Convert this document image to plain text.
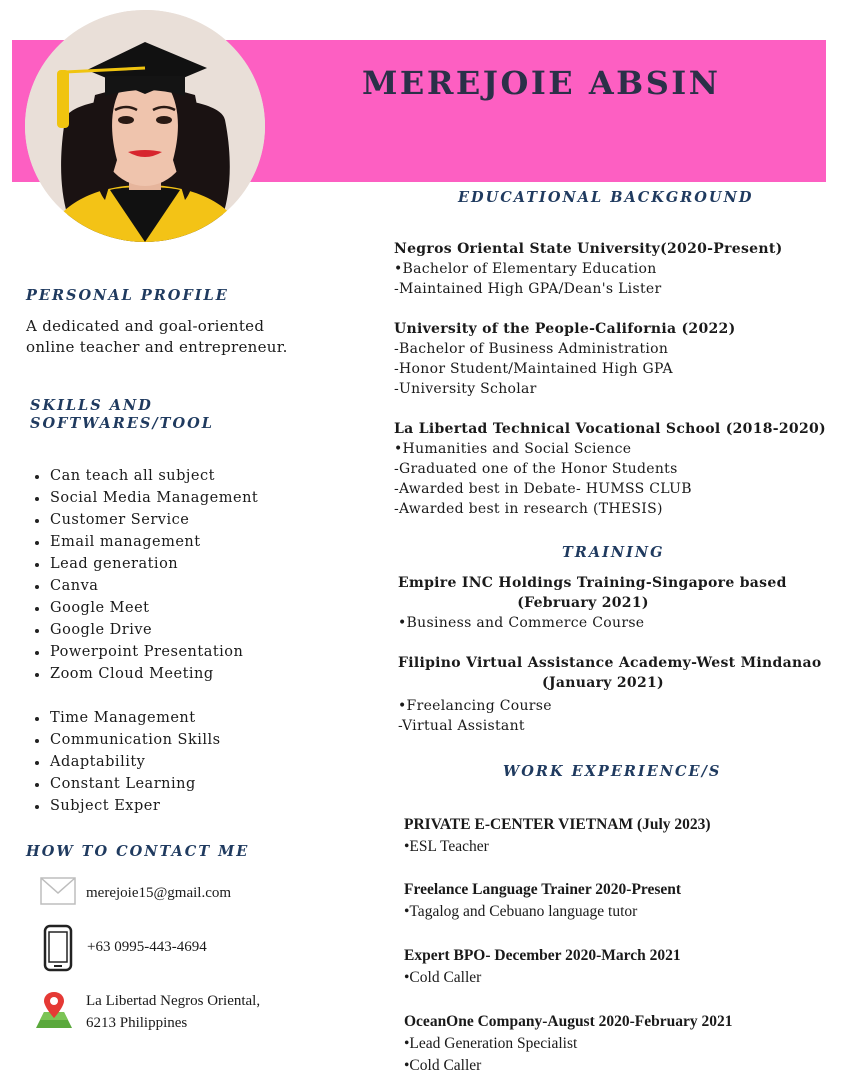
MEREJOIE ABSIN
PERSONAL PROFILE
A dedicated and goal-oriented
online teacher and entrepreneur.
SKILLS AND
SOFTWARES/TOOL
Can teach all subject
Social Media Management
Customer Service
Email management
Lead generation
Canva
Google Meet
Google Drive
Powerpoint Presentation
Zoom Cloud Meeting
Time Management
Communication Skills
Adaptability
Constant Learning
Subject Exper
HOW TO CONTACT ME
merejoie15@gmail.com
+63 0995-443-4694
La Libertad Negros Oriental,
6213 Philippines
EDUCATIONAL BACKGROUND
Negros Oriental State University(2020-Present)
•Bachelor of Elementary Education
-Maintained High GPA/Dean's Lister
University of the People-California (2022)
-Bachelor of Business Administration
-Honor Student/Maintained High GPA
-University Scholar
La Libertad Technical Vocational School (2018-2020)
•Humanities and Social Science
-Graduated one of the Honor Students
-Awarded best in Debate- HUMSS CLUB
-Awarded best in research (THESIS)
TRAINING
Empire INC Holdings Training-Singapore based
(February 2021)
•Business and Commerce Course
Filipino Virtual Assistance Academy-West Mindanao
(January 2021)
•Freelancing Course
-Virtual Assistant
WORK EXPERIENCE/S
PRIVATE E-CENTER VIETNAM (July 2023)
•ESL Teacher
Freelance Language Trainer 2020-Present
•Tagalog and Cebuano language tutor
Expert BPO- December 2020-March 2021
•Cold Caller
OceanOne Company-August 2020-February 2021
•Lead Generation Specialist
•Cold Caller
